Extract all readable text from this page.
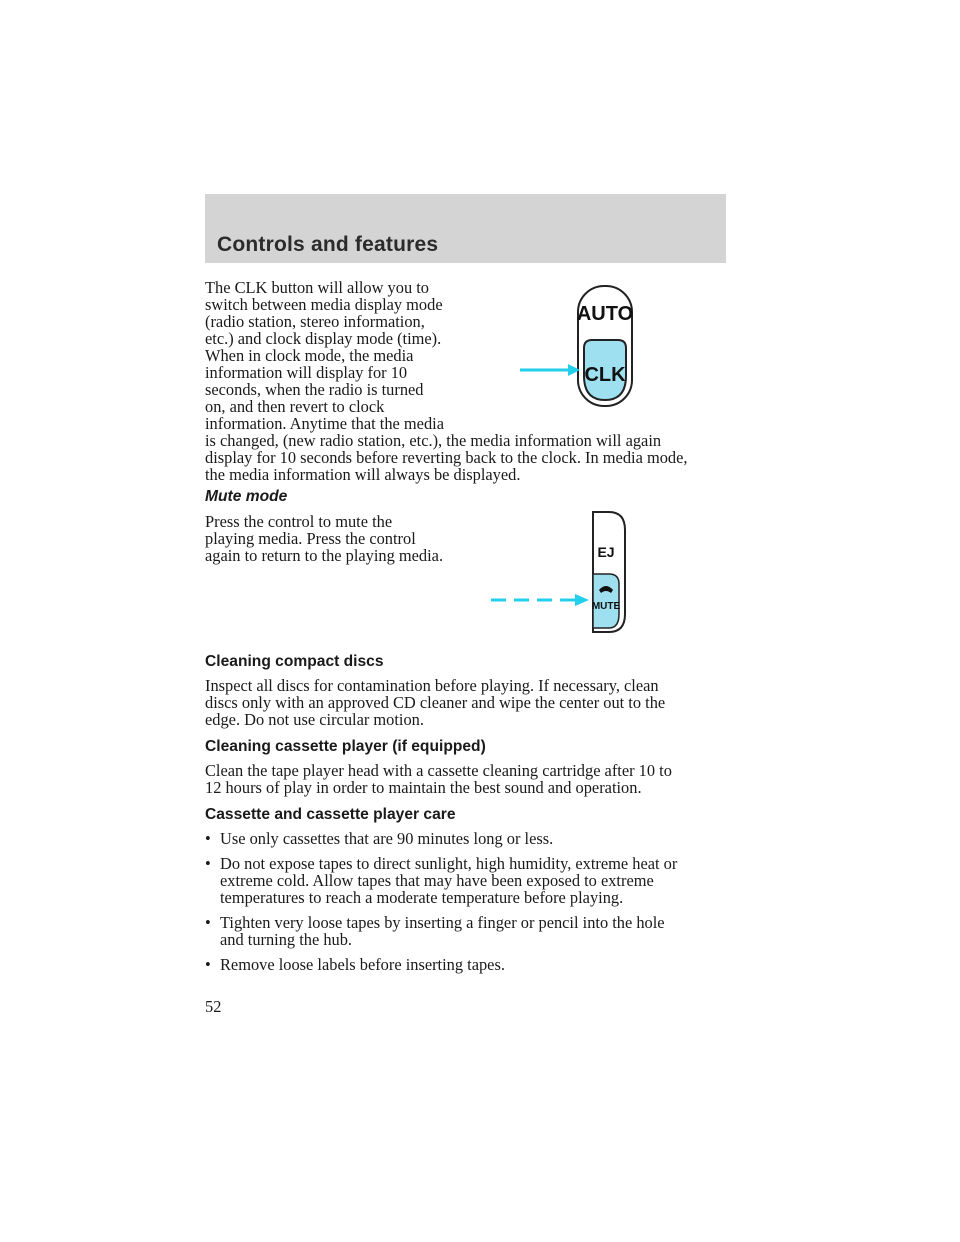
Controls and features
The CLK button will allow you to
switch between media display mode
(radio station, stereo information,
etc.) and clock display mode (time).
When in clock mode, the media
information will display for 10
seconds, when the radio is turned
on, and then revert to clock
information. Anytime that the media
is changed, (new radio station, etc.), the media information will again
display for 10 seconds before reverting back to the clock. In media mode,
the media information will always be displayed.
AUTO
CLK
Mute mode
Press the control to mute the
playing media. Press the control
again to return to the playing media.	EJ
MUTE
Cleaning compact discs
Inspect all discs for contamination before playing. If necessary, clean
discs only with an approved CD cleaner and wipe the center out to the
edge. Do not use circular motion.
Cleaning cassette player (if equipped)
Clean the tape player head with a cassette cleaning cartridge after 10 to
12 hours of play in order to maintain the best sound and operation.
Cassette and cassette player care
• Use only cassettes that are 90 minutes long or less.
• Do not expose tapes to direct sunlight, high humidity, extreme heat or
extreme cold. Allow tapes that may have been exposed to extreme
temperatures to reach a moderate temperature before playing.
• Tighten very loose tapes by inserting a finger or pencil into the hole
and turning the hub.
• Remove loose labels before inserting tapes.
52
